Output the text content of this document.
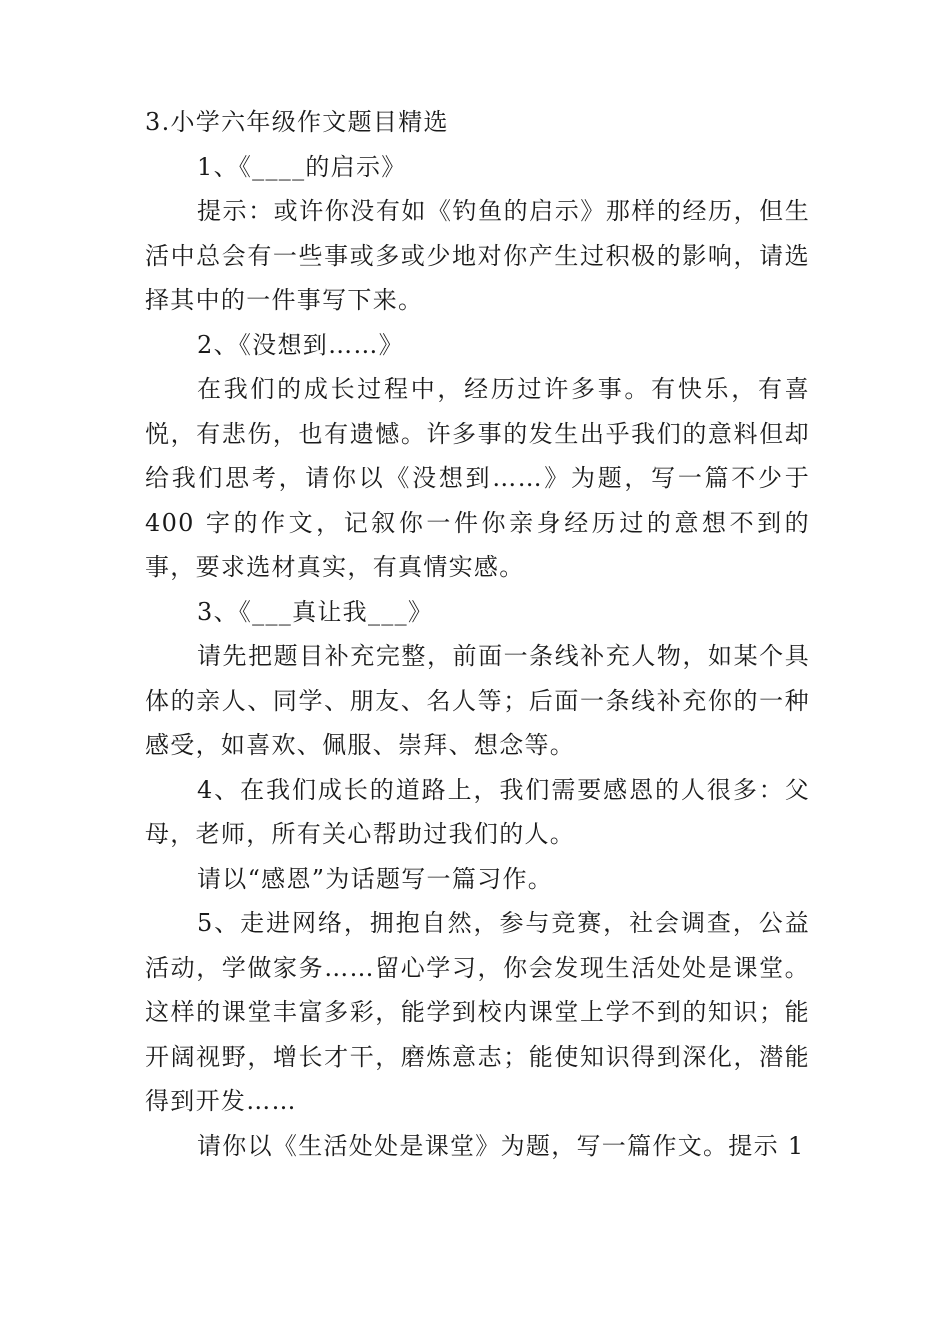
3.小学六年级作文题目精选

1、《____的启示》

提示：或许你没有如《钓鱼的启示》那样的经历，但生活中总会有一些事或多或少地对你产生过积极的影响，请选择其中的一件事写下来。

2、《没想到……》

在我们的成长过程中，经历过许多事。有快乐，有喜悦，有悲伤，也有遗憾。许多事的发生出乎我们的意料但却给我们思考，请你以《没想到……》为题，写一篇不少于 400 字的作文，记叙你一件你亲身经历过的意想不到的事，要求选材真实，有真情实感。

3、《___真让我___》

请先把题目补充完整，前面一条线补充人物，如某个具体的亲人、同学、朋友、名人等；后面一条线补充你的一种感受，如喜欢、佩服、崇拜、想念等。

4、在我们成长的道路上，我们需要感恩的人很多：父母，老师，所有关心帮助过我们的人。

请以“感恩”为话题写一篇习作。

5、走进网络，拥抱自然，参与竞赛，社会调查，公益活动，学做家务……留心学习，你会发现生活处处是课堂。这样的课堂丰富多彩，能学到校内课堂上学不到的知识；能开阔视野，增长才干，磨炼意志；能使知识得到深化，潜能得到开发……

请你以《生活处处是课堂》为题，写一篇作文。提示 1
